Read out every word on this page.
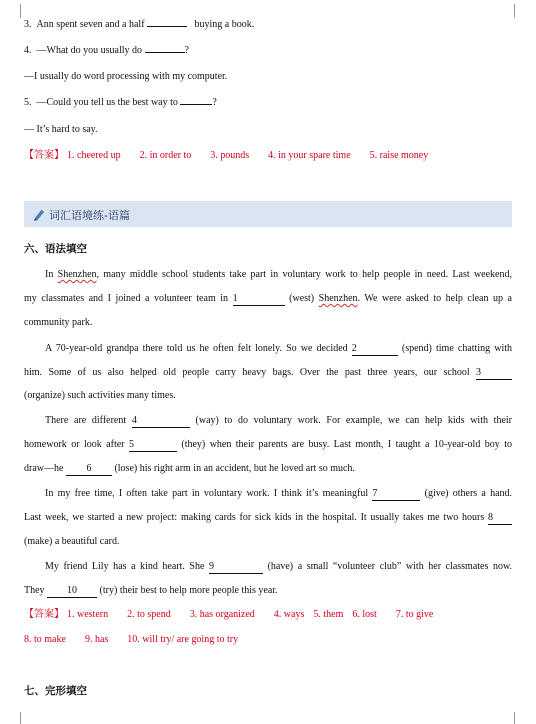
3. Ann spent seven and a half	buying a book.
4. —What do you usually do	?
—I usually do word processing with my computer.
5. —Could you tell us the best way to	?
— It’s hard to say.
【答案】 1. cheered up 2. in order to 3. pounds 4. in your spare time 5. raise money
词汇语境练-语篇
六、语法填空
In Shenzhen, many middle school students take part in voluntary work to help people in need. Last weekend,
my classmates and I joined a volunteer team in 1	(west) Shenzhen. We were asked to help clean up a
community park.
A 70-year-old grandpa there told us he often felt lonely. So we decided 2	(spend) time chatting with
him. Some of us also helped old people carry heavy bags. Over the past three years, our school 3
(organize) such activities many times.
There are different 4	(way) to do voluntary work. For example, we can help kids with their
homework or look after 5	(they) when their parents are busy. Last month, I taught a 10-year-old boy to
draw—he 6 (lose) his right arm in an accident, but he loved art so much.
In my free time, I often take part in voluntary work. I think it’s meaningful 7	(give) others a hand.
Last week, we started a new project: making cards for sick kids in the hospital. It usually takes me two hours 8
(make) a beautiful card.
My friend Lily has a kind heart. She 9	(have) a small “volunteer club” with her classmates now.
They 10 (try) their best to help more people this year.
【答案】 1. western 2. to spend 3. has organized 4. ways 5. them 6. lost 7. to give
8. to make 9. has 10. will try/ are going to try
七、完形填空
